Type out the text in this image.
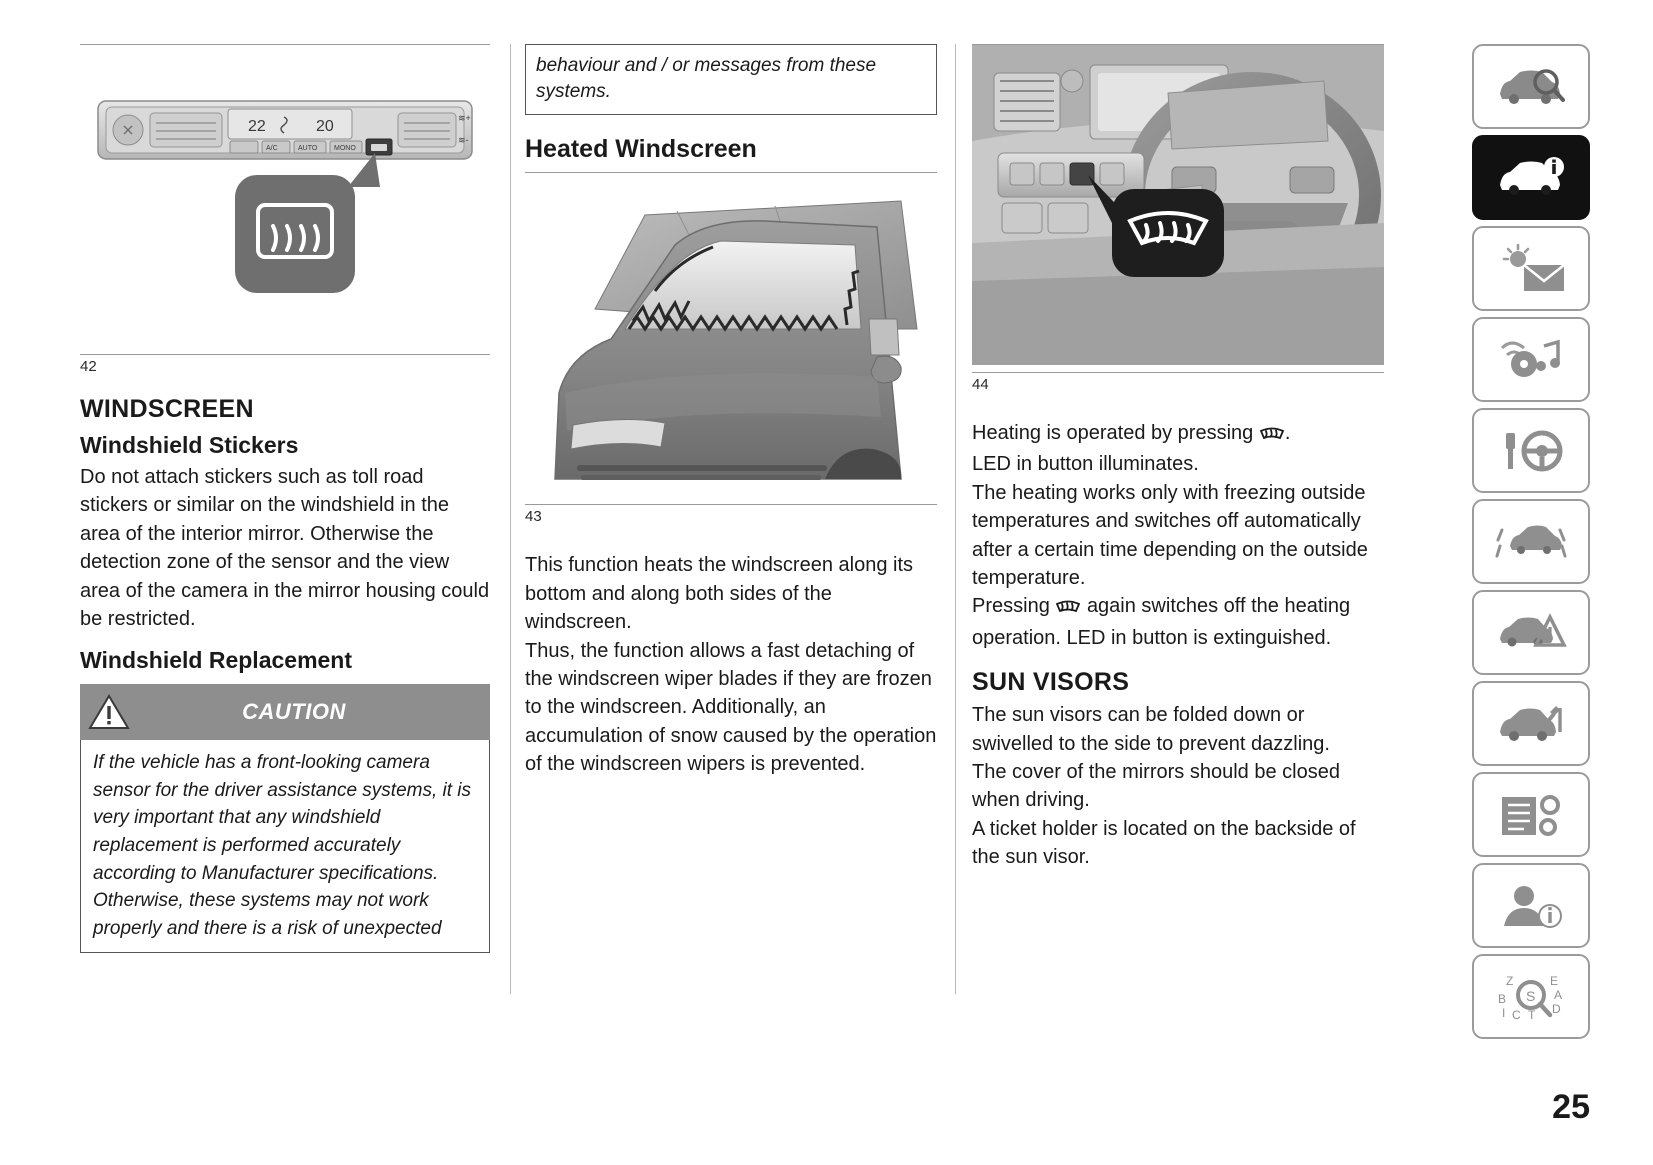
22	20
A/C	AUTO MONO
≋+
≋-
42
WINDSCREEN
Windshield Stickers

Do not attach stickers such as toll road stickers or similar on the windshield in the area of the interior mirror. Otherwise the detection zone of the sensor and the view area of the camera in the mirror housing could be restricted.

Windshield Replacement
CAUTION
If the vehicle has a front-looking camera sensor for the driver assistance systems, it is very important that any windshield replacement is performed accurately according to Manufacturer specifications. Otherwise, these systems may not work properly and there is a risk of unexpected
behaviour and / or messages from these systems.
Heated Windscreen
43

This function heats the windscreen along its bottom and along both sides of the windscreen.

Thus, the function allows a fast detaching of the windscreen wiper blades if they are frozen to the windscreen. Additionally, an accumulation of snow caused by the operation of the windscreen wipers is prevented.

44

Heating is operated by pressing .

LED in button illuminates.

The heating works only with freezing outside temperatures and switches off automatically after a certain time depending on the outside temperature.

Pressing again switches off the heating operation. LED in button is extinguished.

SUN VISORS

The sun visors can be folded down or swivelled to the side to prevent dazzling.

The cover of the mirrors should be closed when driving.

A ticket holder is located on the backside of the sun visor.

S
Z	E
B	A
I C T D
25
